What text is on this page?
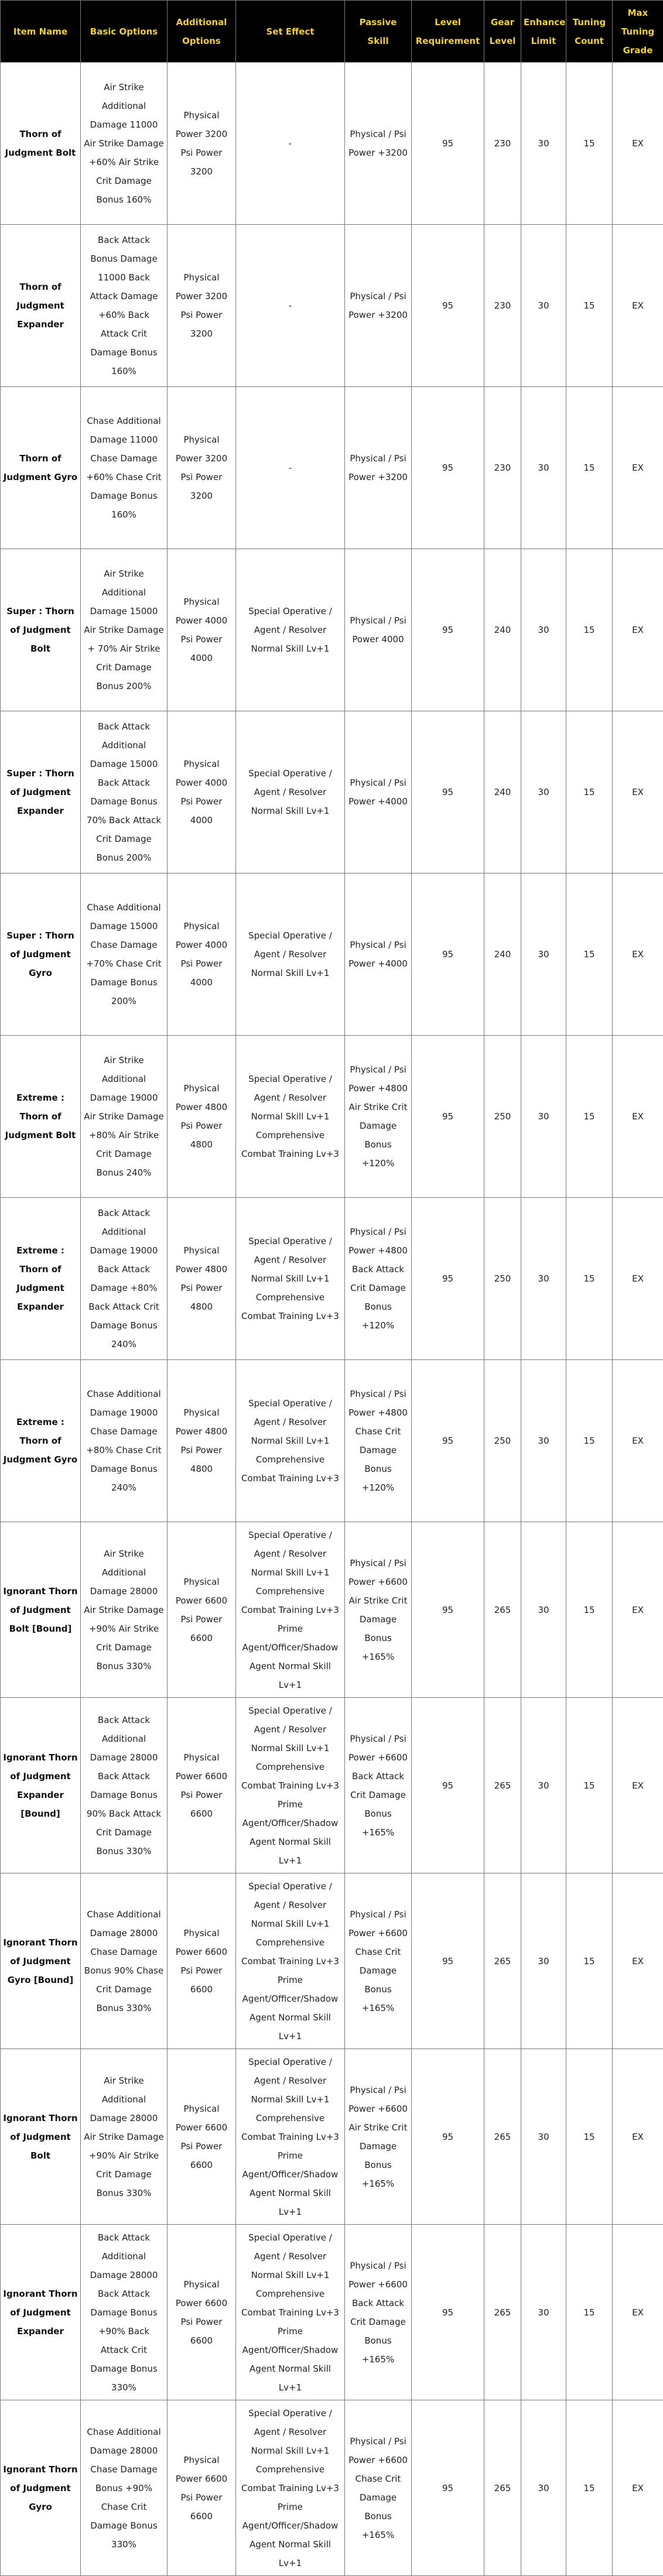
Item Name	Basic Options	Additional Options	Set Effect	Passive Skill	Level Requirement	Gear Level	Enhance Limit	Tuning Count	Max Tuning Grade
Thorn of Judgment Bolt	Air Strike Additional Damage 11000 Air Strike Damage +60% Air Strike Crit Damage Bonus 160%	Physical Power 3200 Psi Power 3200	-	Physical / Psi Power +3200	95	230	30	15	EX
Thorn of Judgment Expander	Back Attack Bonus Damage 11000 Back Attack Damage +60% Back Attack Crit Damage Bonus 160%	Physical Power 3200 Psi Power 3200	-	Physical / Psi Power +3200	95	230	30	15	EX
Thorn of Judgment Gyro	Chase Additional Damage 11000 Chase Damage +60% Chase Crit Damage Bonus 160%	Physical Power 3200 Psi Power 3200	-	Physical / Psi Power +3200	95	230	30	15	EX
Super : Thorn of Judgment Bolt	Air Strike Additional Damage 15000 Air Strike Damage + 70% Air Strike Crit Damage Bonus 200%	Physical Power 4000 Psi Power 4000	Special Operative / Agent / Resolver Normal Skill Lv+1	Physical / Psi Power 4000	95	240	30	15	EX
Super : Thorn of Judgment Expander	Back Attack Additional Damage 15000 Back Attack Damage Bonus 70% Back Attack Crit Damage Bonus 200%	Physical Power 4000 Psi Power 4000	Special Operative / Agent / Resolver Normal Skill Lv+1	Physical / Psi Power +4000	95	240	30	15	EX
Super : Thorn of Judgment Gyro	Chase Additional Damage 15000 Chase Damage +70% Chase Crit Damage Bonus 200%	Physical Power 4000 Psi Power 4000	Special Operative / Agent / Resolver Normal Skill Lv+1	Physical / Psi Power +4000	95	240	30	15	EX
Extreme : Thorn of Judgment Bolt	Air Strike Additional Damage 19000 Air Strike Damage +80% Air Strike Crit Damage Bonus 240%	Physical Power 4800 Psi Power 4800	Special Operative / Agent / Resolver Normal Skill Lv+1 Comprehensive Combat Training Lv+3	Physical / Psi Power +4800 Air Strike Crit Damage Bonus +120%	95	250	30	15	EX
Extreme : Thorn of Judgment Expander	Back Attack Additional Damage 19000 Back Attack Damage +80% Back Attack Crit Damage Bonus 240%	Physical Power 4800 Psi Power 4800	Special Operative / Agent / Resolver Normal Skill Lv+1 Comprehensive Combat Training Lv+3	Physical / Psi Power +4800 Back Attack Crit Damage Bonus +120%	95	250	30	15	EX
Extreme : Thorn of Judgment Gyro	Chase Additional Damage 19000 Chase Damage +80% Chase Crit Damage Bonus 240%	Physical Power 4800 Psi Power 4800	Special Operative / Agent / Resolver Normal Skill Lv+1 Comprehensive Combat Training Lv+3	Physical / Psi Power +4800 Chase Crit Damage Bonus +120%	95	250	30	15	EX
Ignorant Thorn of Judgment Bolt [Bound]	Air Strike Additional Damage 28000 Air Strike Damage +90% Air Strike Crit Damage Bonus 330%	Physical Power 6600 Psi Power 6600	Special Operative / Agent / Resolver Normal Skill Lv+1 Comprehensive Combat Training Lv+3 Prime Agent/Officer/Shadow Agent Normal Skill Lv+1	Physical / Psi Power +6600 Air Strike Crit Damage Bonus +165%	95	265	30	15	EX
Ignorant Thorn of Judgment Expander [Bound]	Back Attack Additional Damage 28000 Back Attack Damage Bonus 90% Back Attack Crit Damage Bonus 330%	Physical Power 6600 Psi Power 6600	Special Operative / Agent / Resolver Normal Skill Lv+1 Comprehensive Combat Training Lv+3 Prime Agent/Officer/Shadow Agent Normal Skill Lv+1	Physical / Psi Power +6600 Back Attack Crit Damage Bonus +165%	95	265	30	15	EX
Ignorant Thorn of Judgment Gyro [Bound]	Chase Additional Damage 28000 Chase Damage Bonus 90% Chase Crit Damage Bonus 330%	Physical Power 6600 Psi Power 6600	Special Operative / Agent / Resolver Normal Skill Lv+1 Comprehensive Combat Training Lv+3 Prime Agent/Officer/Shadow Agent Normal Skill Lv+1	Physical / Psi Power +6600 Chase Crit Damage Bonus +165%	95	265	30	15	EX
Ignorant Thorn of Judgment Bolt	Air Strike Additional Damage 28000 Air Strike Damage +90% Air Strike Crit Damage Bonus 330%	Physical Power 6600 Psi Power 6600	Special Operative / Agent / Resolver Normal Skill Lv+1 Comprehensive Combat Training Lv+3 Prime Agent/Officer/Shadow Agent Normal Skill Lv+1	Physical / Psi Power +6600 Air Strike Crit Damage Bonus +165%	95	265	30	15	EX
Ignorant Thorn of Judgment Expander	Back Attack Additional Damage 28000 Back Attack Damage Bonus +90% Back Attack Crit Damage Bonus 330%	Physical Power 6600 Psi Power 6600	Special Operative / Agent / Resolver Normal Skill Lv+1 Comprehensive Combat Training Lv+3 Prime Agent/Officer/Shadow Agent Normal Skill Lv+1	Physical / Psi Power +6600 Back Attack Crit Damage Bonus +165%	95	265	30	15	EX
Ignorant Thorn of Judgment Gyro	Chase Additional Damage 28000 Chase Damage Bonus +90% Chase Crit Damage Bonus 330%	Physical Power 6600 Psi Power 6600	Special Operative / Agent / Resolver Normal Skill Lv+1 Comprehensive Combat Training Lv+3 Prime Agent/Officer/Shadow Agent Normal Skill Lv+1	Physical / Psi Power +6600 Chase Crit Damage Bonus +165%	95	265	30	15	EX
